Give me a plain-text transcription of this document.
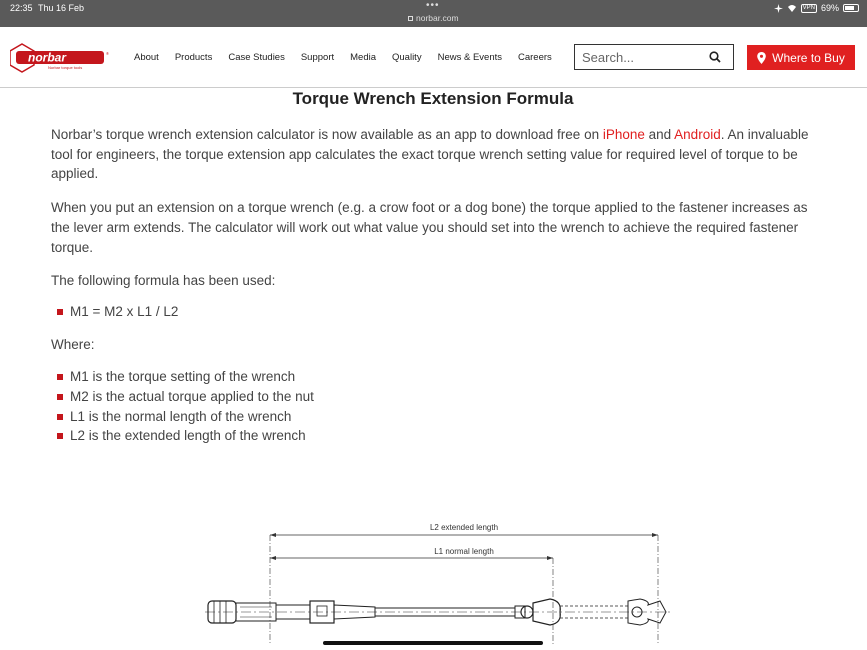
22:35 Thu 16 Feb	•••
norbar.com
VPN 69%
norbar	®
Norbar torque tools
About Products Case Studies Support Media Quality News & Events Careers
Search...	Where to Buy
Torque Wrench Extension Formula

Norbar’s torque wrench extension calculator is now available as an app to download free on iPhone and Android. An invaluable tool for engineers, the torque extension app calculates the exact torque wrench setting value for required level of torque to be applied.

When you put an extension on a torque wrench (e.g. a crow foot or a dog bone) the torque applied to the fastener increases as the lever arm extends. The calculator will work out what value you should set into the wrench to achieve the required fastener torque.

The following formula has been used:

M1 = M2 x L1 / L2

Where:

M1 is the torque setting of the wrench
M2 is the actual torque applied to the nut
L1 is the normal length of the wrench
L2 is the extended length of the wrench
L2 extended length
L1 normal length
